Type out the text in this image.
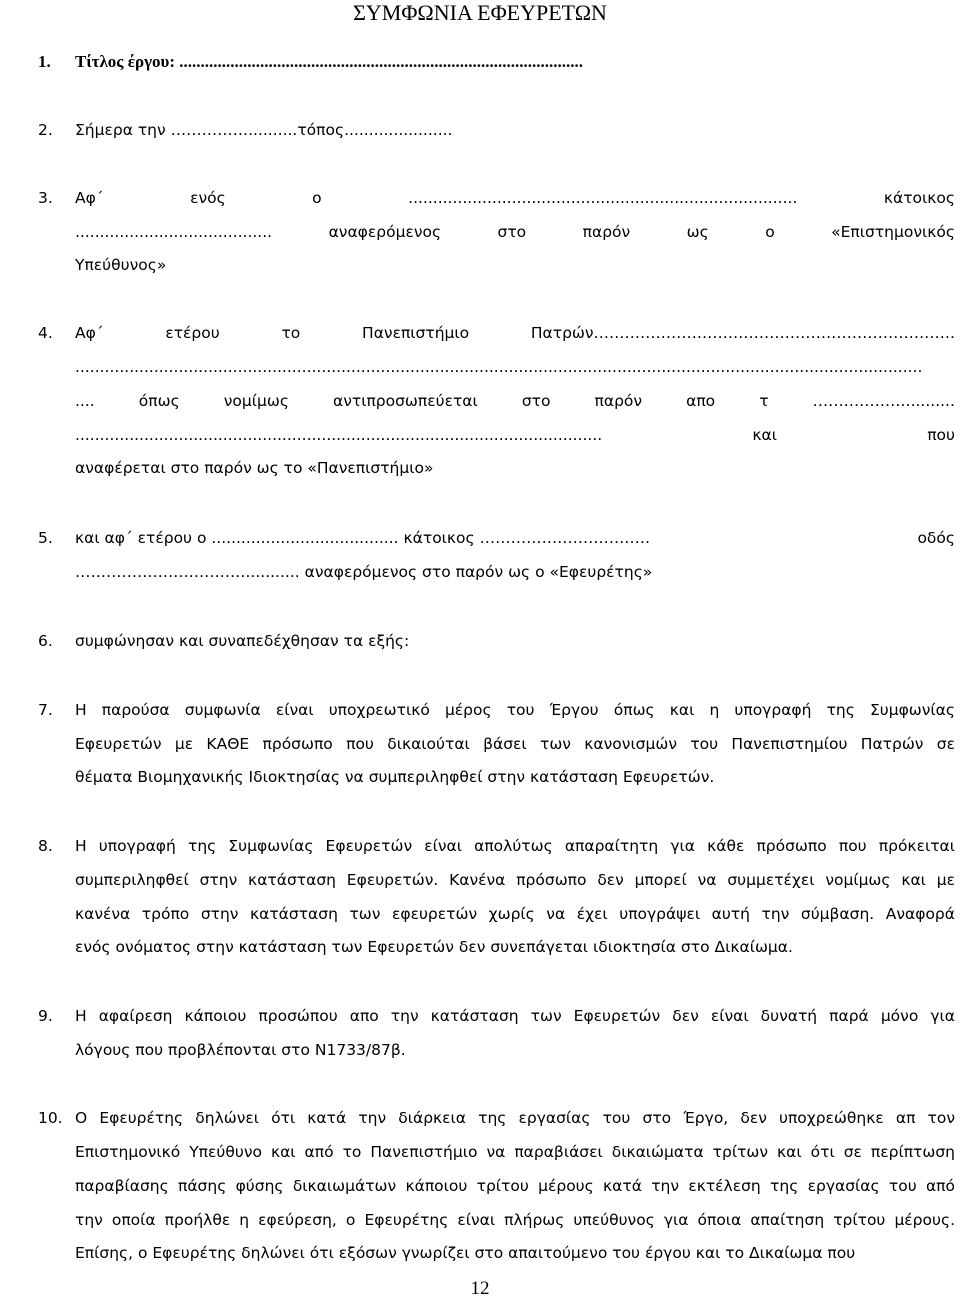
ΣΥΜΦΩΝΙΑ ΕΦΕΥΡΕΤΩΝ
1. Τίτλος έργου: ...............................................................................................
2. Σήμερα την ……………..........τόπος......................
3. Αφ΄	ενός	ο	...............................................................................	κάτοικος
........................................	αναφερόμενος	στο	παρόν	ως	ο	«Επιστημονικός
Υπεύθυνος»
4. Αφ΄	ετέρου	το	Πανεπιστήμιο	Πατρών…………………………………………………………….
............................................................................................................................................................................
....	όπως	νομίμως	αντιπροσωπεύεται	στο	παρόν	απο	τ	………………..........
...........................................................................................................	και	που
αναφέρεται στο παρόν ως το «Πανεπιστήμιο»
5. και αφ΄ ετέρου ο ...................................... κάτοικος ……………………………	οδός
……………………………........... αναφερόμενος στο παρόν ως ο «Εφευρέτης»
6. συμφώνησαν και συναπεδέχθησαν τα εξής:
7. Η παρούσα συμφωνία είναι υποχρεωτικό μέρος του Έργου όπως και η υπογραφή της Συμφωνίας
Εφευρετών με ΚΑΘΕ πρόσωπο που δικαιούται βάσει των κανονισμών του Πανεπιστημίου Πατρών σε
θέματα Βιομηχανικής Ιδιοκτησίας να συμπεριληφθεί στην κατάσταση Εφευρετών.
8. Η υπογραφή της Συμφωνίας Εφευρετών είναι απολύτως απαραίτητη για κάθε πρόσωπο που πρόκειται
συμπεριληφθεί στην κατάσταση Εφευρετών. Κανένα πρόσωπο δεν μπορεί να συμμετέχει νομίμως και με
κανένα τρόπο στην κατάσταση των εφευρετών χωρίς να έχει υπογράψει αυτή την σύμβαση. Αναφορά
ενός ονόματος στην κατάσταση των Εφευρετών δεν συνεπάγεται ιδιοκτησία στο Δικαίωμα.
9. Η αφαίρεση κάποιου προσώπου απο την κατάσταση των Εφευρετών δεν είναι δυνατή παρά μόνο για
λόγους που προβλέπονται στο Ν1733/87β.
10. Ο Εφευρέτης δηλώνει ότι κατά την διάρκεια της εργασίας του στο Έργο, δεν υποχρεώθηκε απ τον
Επιστημονικό Υπεύθυνο και από το Πανεπιστήμιο να παραβιάσει δικαιώματα τρίτων και ότι σε περίπτωση
παραβίασης πάσης φύσης δικαιωμάτων κάποιου τρίτου μέρους κατά την εκτέλεση της εργασίας του από
την οποία προήλθε η εφεύρεση, ο Εφευρέτης είναι πλήρως υπεύθυνος για όποια απαίτηση τρίτου μέρους.
Επίσης, ο Εφευρέτης δηλώνει ότι εξόσων γνωρίζει στο απαιτούμενο του έργου και το Δικαίωμα που
12
